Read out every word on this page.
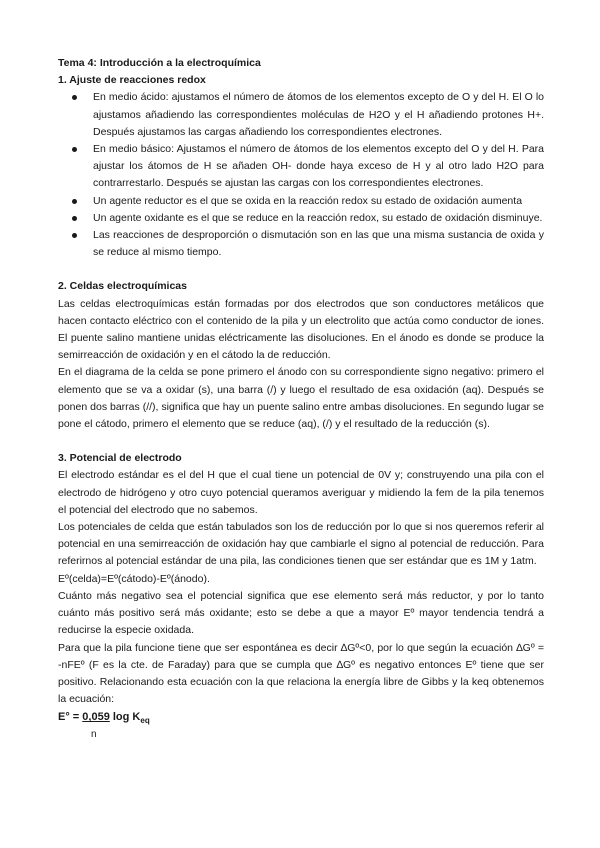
Tema 4: Introducción a la electroquímica

1. Ajuste de reacciones redox

En medio ácido: ajustamos el número de átomos de los elementos excepto de O y del H. El O lo ajustamos añadiendo las correspondientes moléculas de H2O y el H añadiendo protones H+. Después ajustamos las cargas añadiendo los correspondientes electrones.
En medio básico: Ajustamos el número de átomos de los elementos excepto del O y del H. Para ajustar los átomos de H se añaden OH- donde haya exceso de H y al otro lado H2O para contrarrestarlo. Después se ajustan las cargas con los correspondientes electrones.
Un agente reductor es el que se oxida en la reacción redox su estado de oxidación aumenta
Un agente oxidante es el que se reduce en la reacción redox, su estado de oxidación disminuye.
Las reacciones de desproporción o dismutación son en las que una misma sustancia de oxida y se reduce al mismo tiempo.

2. Celdas electroquímicas

Las celdas electroquímicas están formadas por dos electrodos que son conductores metálicos que hacen contacto eléctrico con el contenido de la pila y un electrolito que actúa como conductor de iones. El puente salino mantiene unidas eléctricamente las disoluciones. En el ánodo es donde se produce la semirreacción de oxidación y en el cátodo la de reducción.

En el diagrama de la celda se pone primero el ánodo con su correspondiente signo negativo: primero el elemento que se va a oxidar (s), una barra (/) y luego el resultado de esa oxidación (aq). Después se ponen dos barras (//), significa que hay un puente salino entre ambas disoluciones. En segundo lugar se pone el cátodo, primero el elemento que se reduce (aq), (/) y el resultado de la reducción (s).

3. Potencial de electrodo

El electrodo estándar es el del H que el cual tiene un potencial de 0V y; construyendo una pila con el electrodo de hidrógeno y otro cuyo potencial queramos averiguar y midiendo la fem de la pila tenemos el potencial del electrodo que no sabemos.

Los potenciales de celda que están tabulados son los de reducción por lo que si nos queremos referir al potencial en una semirreacción de oxidación hay que cambiarle el signo al potencial de reducción. Para referirnos al potencial estándar de una pila, las condiciones tienen que ser estándar que es 1M y 1atm.

Eº(celda)=Eº(cátodo)-Eº(ánodo).

Cuánto más negativo sea el potencial significa que ese elemento será más reductor, y por lo tanto cuánto más positivo será más oxidante; esto se debe a que a mayor Eº mayor tendencia tendrá a reducirse la especie oxidada.

Para que la pila funcione tiene que ser espontánea es decir ∆Gº<0, por lo que según la ecuación ∆Gº = -nFEº (F es la cte. de Faraday) para que se cumpla que ∆Gº es negativo entonces Eº tiene que ser positivo. Relacionando esta ecuación con la que relaciona la energía libre de Gibbs y la keq obtenemos la ecuación:

E° = 0,059 $\log K_{eq}$
n
